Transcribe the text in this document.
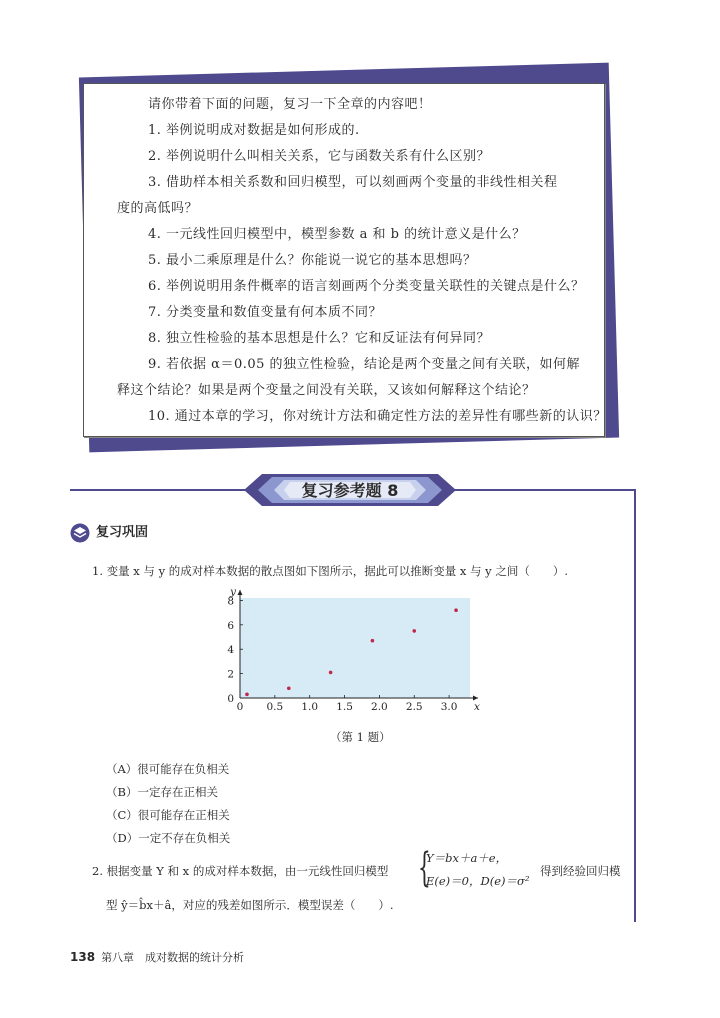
请你带着下面的问题，复习一下全章的内容吧！
1. 举例说明成对数据是如何形成的.
2. 举例说明什么叫相关关系，它与函数关系有什么区别？
3. 借助样本相关系数和回归模型，可以刻画两个变量的非线性相关程
度的高低吗？
4. 一元线性回归模型中，模型参数 a 和 b 的统计意义是什么？
5. 最小二乘原理是什么？你能说一说它的基本思想吗？
6. 举例说明用条件概率的语言刻画两个分类变量关联性的关键点是什么？
7. 分类变量和数值变量有何本质不同？
8. 独立性检验的基本思想是什么？它和反证法有何异同？
9. 若依据 α＝0.05 的独立性检验，结论是两个变量之间有关联，如何解
释这个结论？如果是两个变量之间没有关联，又该如何解释这个结论？
10. 通过本章的学习，你对统计方法和确定性方法的差异性有哪些新的认识？
复习参考题 8
复习巩固
1. 变量 x 与 y 的成对样本数据的散点图如下图所示，据此可以推断变量 x 与 y 之间（　　）.
0 0.5 1.0 1.5 2.0 2.5 3.0
0
2
4
6
8
x
y
（第 1 题）
（A）很可能存在负相关
（B）一定存在正相关
（C）很可能存在正相关
（D）一定不存在负相关
2. 根据变量 Y 和 x 的成对样本数据，由一元线性回归模型 {
Y＝bx＋a＋e，
E(e)＝0，D(e)＝σ²
得到经验回归模
型 ŷ＝b̂x＋â，对应的残差如图所示．模型误差（　　）.
138 第八章　成对数据的统计分析
